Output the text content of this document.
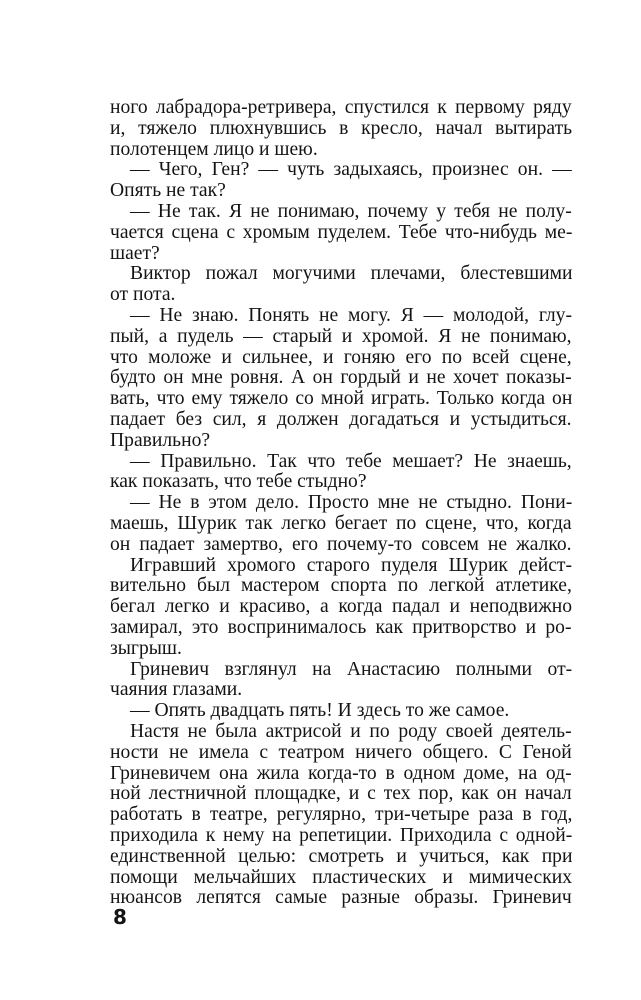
ного лабрадора-ретривера, спустился к первому ряду
и, тяжело плюхнувшись в кресло, начал вытирать
полотенцем лицо и шею.
— Чего, Ген? — чуть задыхаясь, произнес он. —
Опять не так?
— Не так. Я не понимаю, почему у тебя не полу-
чается сцена с хромым пуделем. Тебе что-нибудь ме-
шает?
Виктор пожал могучими плечами, блестевшими
от пота.
— Не знаю. Понять не могу. Я — молодой, глу-
пый, а пудель — старый и хромой. Я не понимаю,
что моложе и сильнее, и гоняю его по всей сцене,
будто он мне ровня. А он гордый и не хочет показы-
вать, что ему тяжело со мной играть. Только когда он
падает без сил, я должен догадаться и устыдиться.
Правильно?
— Правильно. Так что тебе мешает? Не знаешь,
как показать, что тебе стыдно?
— Не в этом дело. Просто мне не стыдно. Пони-
маешь, Шурик так легко бегает по сцене, что, когда
он падает замертво, его почему-то совсем не жалко.
Игравший хромого старого пуделя Шурик дейст-
вительно был мастером спорта по легкой атлетике,
бегал легко и красиво, а когда падал и неподвижно
замирал, это воспринималось как притворство и ро-
зыгрыш.
Гриневич взглянул на Анастасию полными от-
чаяния глазами.
— Опять двадцать пять! И здесь то же самое.
Настя не была актрисой и по роду своей деятель-
ности не имела с театром ничего общего. С Геной
Гриневичем она жила когда-то в одном доме, на од-
ной лестничной площадке, и с тех пор, как он начал
работать в театре, регулярно, три-четыре раза в год,
приходила к нему на репетиции. Приходила с одной-
единственной целью: смотреть и учиться, как при
помощи мельчайших пластических и мимических
нюансов лепятся самые разные образы. Гриневич
8
